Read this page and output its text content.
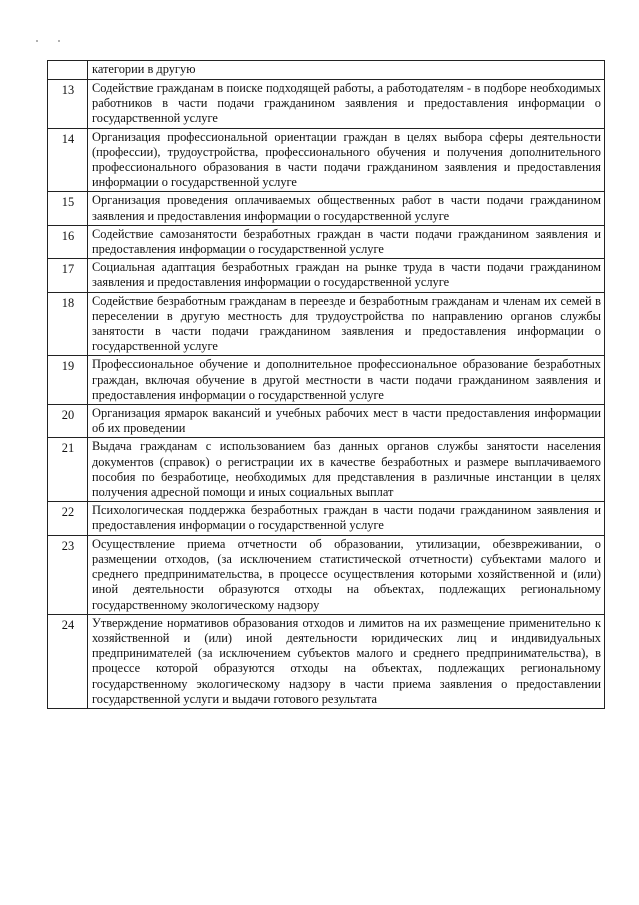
	категории в другую
13	Содействие гражданам в поиске подходящей работы, а работодателям - в подборе необходимых работников в части подачи гражданином заявления и предоставления информации о государственной услуге
14	Организация профессиональной ориентации граждан в целях выбора сферы деятельности (профессии), трудоустройства, профессионального обучения и получения дополнительного профессионального образования в части подачи гражданином заявления и предоставления информации о государственной услуге
15	Организация проведения оплачиваемых общественных работ в части подачи гражданином заявления и предоставления информации о государственной услуге
16	Содействие самозанятости безработных граждан в части подачи гражданином заявления и предоставления информации о государственной услуге
17	Социальная адаптация безработных граждан на рынке труда в части подачи гражданином заявления и предоставления информации о государственной услуге
18	Содействие безработным гражданам в переезде и безработным гражданам и членам их семей в переселении в другую местность для трудоустройства по направлению органов службы занятости в части подачи гражданином заявления и предоставления информации о государственной услуге
19	Профессиональное обучение и дополнительное профессиональное образование безработных граждан, включая обучение в другой местности в части подачи гражданином заявления и предоставления информации о государственной услуге
20	Организация ярмарок вакансий и учебных рабочих мест в части предоставления информации об их проведении
21	Выдача гражданам с использованием баз данных органов службы занятости населения документов (справок) о регистрации их в качестве безработных и размере выплачиваемого пособия по безработице, необходимых для представления в различные инстанции в целях получения адресной помощи и иных социальных выплат
22	Психологическая поддержка безработных граждан в части подачи гражданином заявления и предоставления информации о государственной услуге
23	Осуществление приема отчетности об образовании, утилизации, обезвреживании, о размещении отходов, (за исключением статистической отчетности) субъектами малого и среднего предпринимательства, в процессе осуществления которыми хозяйственной и (или) иной деятельности образуются отходы на объектах, подлежащих региональному государственному экологическому надзору
24	Утверждение нормативов образования отходов и лимитов на их размещение применительно к хозяйственной и (или) иной деятельности юридических лиц и индивидуальных предпринимателей (за исключением субъектов малого и среднего предпринимательства), в процессе которой образуются отходы на объектах, подлежащих региональному государственному экологическому надзору в части приема заявления о предоставлении государственной услуги и выдачи готового результата
